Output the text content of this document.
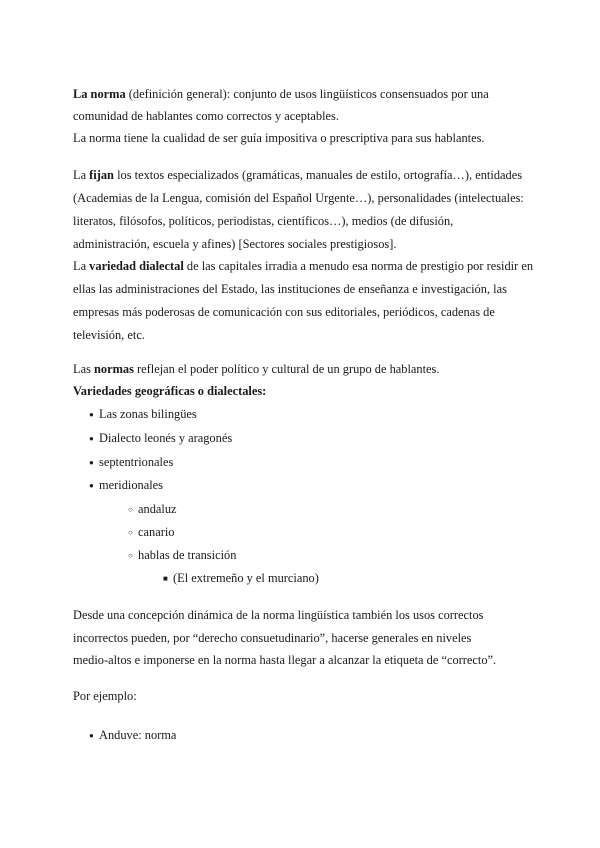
La norma (definición general): conjunto de usos lingüísticos consensuados por una
comunidad de hablantes como correctos y aceptables.
La norma tiene la cualidad de ser guía impositiva o prescriptiva para sus hablantes.
La fijan los textos especializados (gramáticas, manuales de estilo, ortografía…), entidades
(Academias de la Lengua, comisión del Español Urgente…), personalidades (intelectuales:
literatos, filósofos, políticos, periodistas, científicos…), medios (de difusión,
administración, escuela y afines) [Sectores sociales prestigiosos].
La variedad dialectal de las capitales irradia a menudo esa norma de prestigio por residir en
ellas las administraciones del Estado, las instituciones de enseñanza e investigación, las
empresas más poderosas de comunicación con sus editoriales, periódicos, cadenas de
televisión, etc.
Las normas reflejan el poder político y cultural de un grupo de hablantes.
Variedades geográficas o dialectales:
●Las zonas bilingües
●Dialecto leonés y aragonés
●septentrionales
●meridionales
○andaluz
○canario
○hablas de transición
■(El extremeño y el murciano)
Desde una concepción dinámica de la norma lingüística también los usos correctos
incorrectos pueden, por “derecho consuetudinario”, hacerse generales en niveles
medio-altos e imponerse en la norma hasta llegar a alcanzar la etiqueta de “correcto”.
Por ejemplo:
●Anduve: norma
